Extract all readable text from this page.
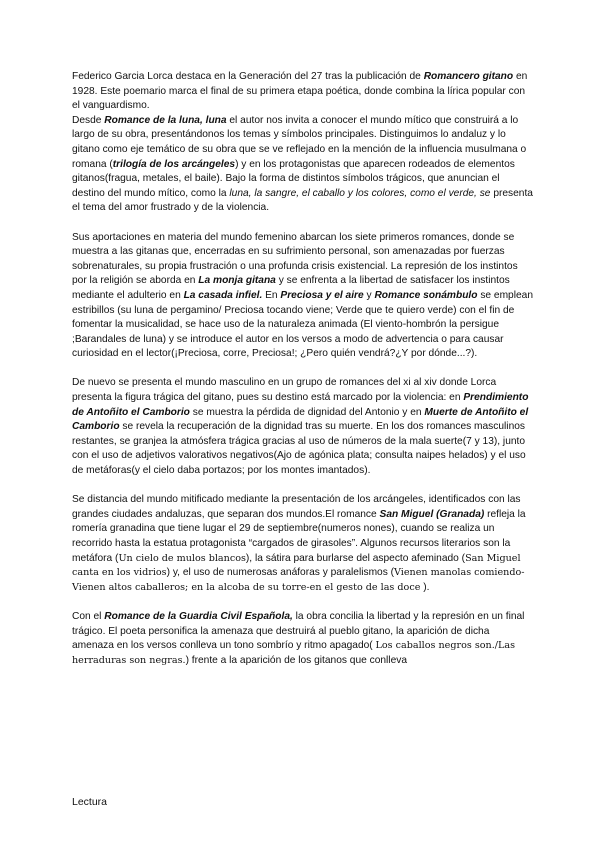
Federico Garcia Lorca destaca en la Generación del 27 tras la publicación de Romancero gitano en 1928. Este poemario marca el final de su primera etapa poética, donde combina la lírica popular con el vanguardismo.

Desde Romance de la luna, luna el autor nos invita a conocer el mundo mítico que construirá a lo largo de su obra, presentándonos los temas y símbolos principales. Distinguimos lo andaluz y lo gitano como eje temático de su obra que se ve reflejado en la mención de la influencia musulmana o romana (trilogía de los arcángeles) y en los protagonistas que aparecen rodeados de elementos gitanos(fragua, metales, el baile). Bajo la forma de distintos símbolos trágicos, que anuncian el destino del mundo mítico, como la luna, la sangre, el caballo y los colores, como el verde, se presenta el tema del amor frustrado y de la violencia.

Sus aportaciones en materia del mundo femenino abarcan los siete primeros romances, donde se muestra a las gitanas que, encerradas en su sufrimiento personal, son amenazadas por fuerzas sobrenaturales, su propia frustración o una profunda crisis existencial. La represión de los instintos por la religión se aborda en La monja gitana y se enfrenta a la libertad de satisfacer los instintos mediante el adulterio en La casada infiel. En Preciosa y el aire y Romance sonámbulo se emplean estribillos (su luna de pergamino/ Preciosa tocando viene; Verde que te quiero verde) con el fin de fomentar la musicalidad, se hace uso de la naturaleza animada (El viento-hombrón la persigue ;Barandales de luna) y se introduce el autor en los versos a modo de advertencia o para causar curiosidad en el lector(¡Preciosa, corre, Preciosa!; ¿Pero quién vendrá?¿Y por dónde...?).

De nuevo se presenta el mundo masculino en un grupo de romances del xi al xiv donde Lorca presenta la figura trágica del gitano, pues su destino está marcado por la violencia: en Prendimiento de Antoñito el Camborio se muestra la pérdida de dignidad del Antonio y en Muerte de Antoñito el Camborio se revela la recuperación de la dignidad tras su muerte. En los dos romances masculinos restantes, se granjea la atmósfera trágica gracias al uso de números de la mala suerte(7 y 13), junto con el uso de adjetivos valorativos negativos(Ajo de agónica plata; consulta naipes helados) y el uso de metáforas(y el cielo daba portazos; por los montes imantados).

Se distancia del mundo mitificado mediante la presentación de los arcángeles, identificados con las grandes ciudades andaluzas, que separan dos mundos.El romance San Miguel (Granada) refleja la romería granadina que tiene lugar el 29 de septiembre(numeros nones), cuando se realiza un recorrido hasta la estatua protagonista “cargados de girasoles”. Algunos recursos literarios son la metáfora (Un cielo de mulos blancos), la sátira para burlarse del aspecto afeminado (San Miguel canta en los vidrios) y, el uso de numerosas anáforas y paralelismos (Vienen manolas comiendo-Vienen altos caballeros; en la alcoba de su torre-en el gesto de las doce ).

Con el Romance de la Guardia Civil Española, la obra concilia la libertad y la represión en un final trágico. El poeta personifica la amenaza que destruirá al pueblo gitano, la aparición de dicha amenaza en los versos conlleva un tono sombrío y ritmo apagado( Los caballos negros son./Las herraduras son negras.) frente a la aparición de los gitanos que conlleva

Lectura
